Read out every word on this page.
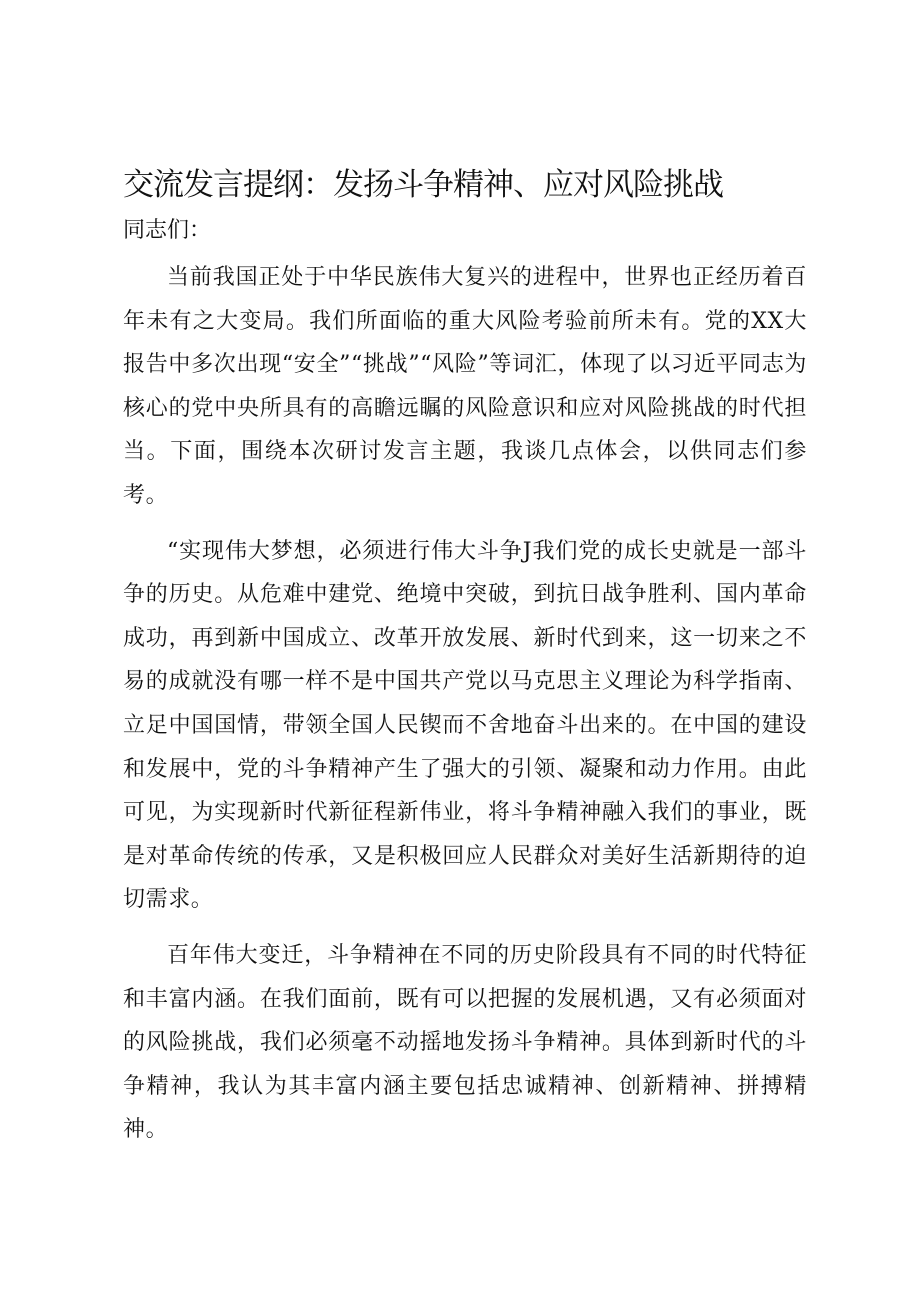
交流发言提纲：发扬斗争精神、应对风险挑战

同志们：

当前我国正处于中华民族伟大复兴的进程中，世界也正经历着百年未有之大变局。我们所面临的重大风险考验前所未有。党的XX大报告中多次出现“安全”“挑战”“风险”等词汇，体现了以习近平同志为核心的党中央所具有的高瞻远瞩的风险意识和应对风险挑战的时代担当。下面，围绕本次研讨发言主题，我谈几点体会，以供同志们参考。

“实现伟大梦想，必须进行伟大斗争J我们党的成长史就是一部斗争的历史。从危难中建党、绝境中突破，到抗日战争胜利、国内革命成功，再到新中国成立、改革开放发展、新时代到来，这一切来之不易的成就没有哪一样不是中国共产党以马克思主义理论为科学指南、立足中国国情，带领全国人民锲而不舍地奋斗出来的。在中国的建设和发展中，党的斗争精神产生了强大的引领、凝聚和动力作用。由此可见，为实现新时代新征程新伟业，将斗争精神融入我们的事业，既是对革命传统的传承，又是积极回应人民群众对美好生活新期待的迫切需求。

百年伟大变迁，斗争精神在不同的历史阶段具有不同的时代特征和丰富内涵。在我们面前，既有可以把握的发展机遇，又有必须面对的风险挑战，我们必须毫不动摇地发扬斗争精神。具体到新时代的斗争精神，我认为其丰富内涵主要包括忠诚精神、创新精神、拼搏精神。
